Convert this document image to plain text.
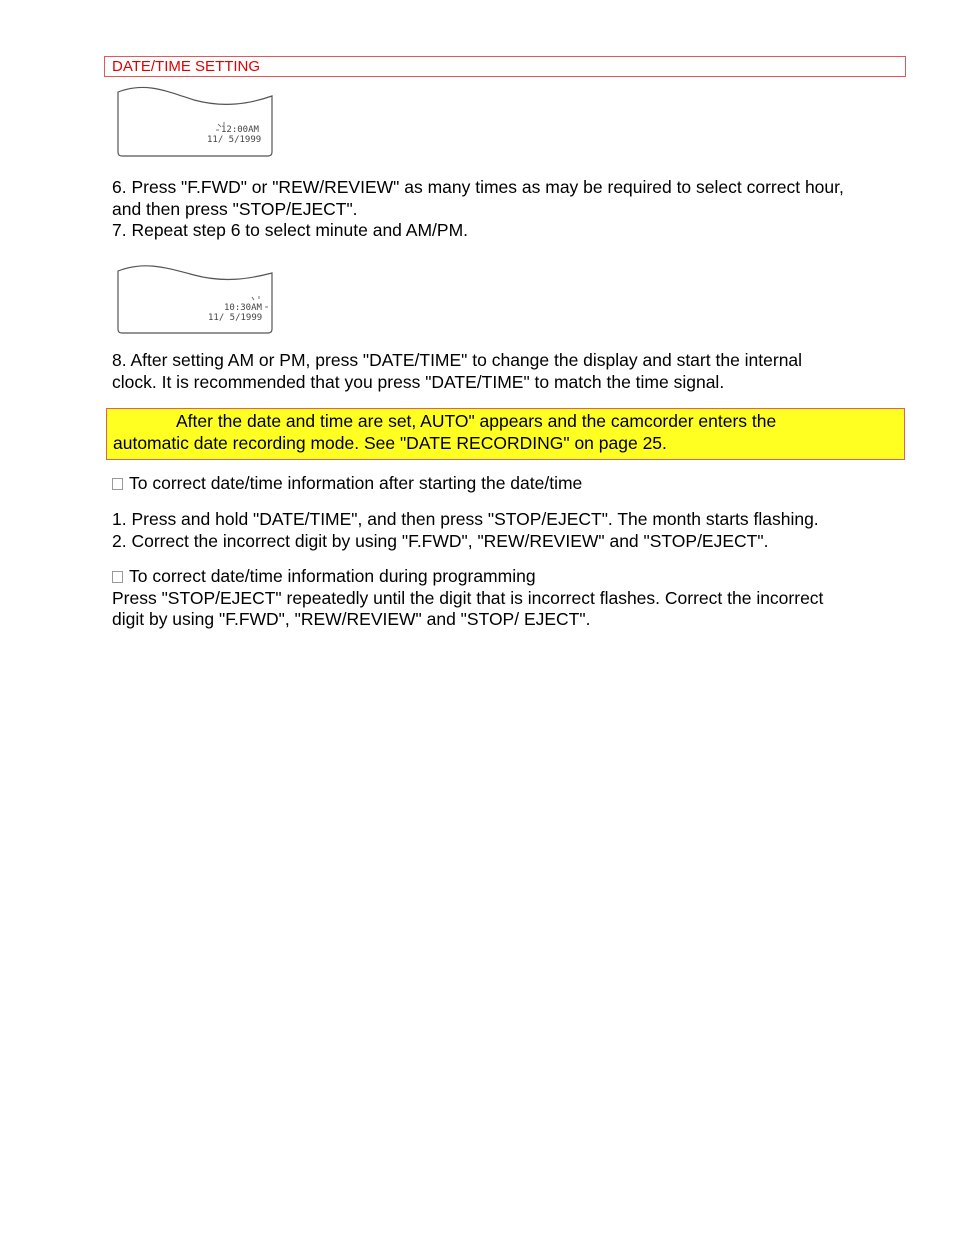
DATE/TIME SETTING
12:00AM
11/ 5/1999

6. Press "F.FWD" or "REW/REVIEW" as many times as may be required to select correct hour,
and then press "STOP/EJECT".
7. Repeat step 6 to select minute and AM/PM.

10:30AM
11/ 5/1999

8. After setting AM or PM, press "DATE/TIME" to change the display and start the internal
clock. It is recommended that you press "DATE/TIME" to match the time signal.

After the date and time are set, AUTO" appears and the camcorder enters the
automatic date recording mode. See "DATE RECORDING" on page 25.

To correct date/time information after starting the date/time

1. Press and hold "DATE/TIME", and then press "STOP/EJECT". The month starts flashing.
2. Correct the incorrect digit by using "F.FWD", "REW/REVIEW" and "STOP/EJECT".

To correct date/time information during programming
Press "STOP/EJECT" repeatedly until the digit that is incorrect flashes. Correct the incorrect
digit by using "F.FWD", "REW/REVIEW" and "STOP/ EJECT".
